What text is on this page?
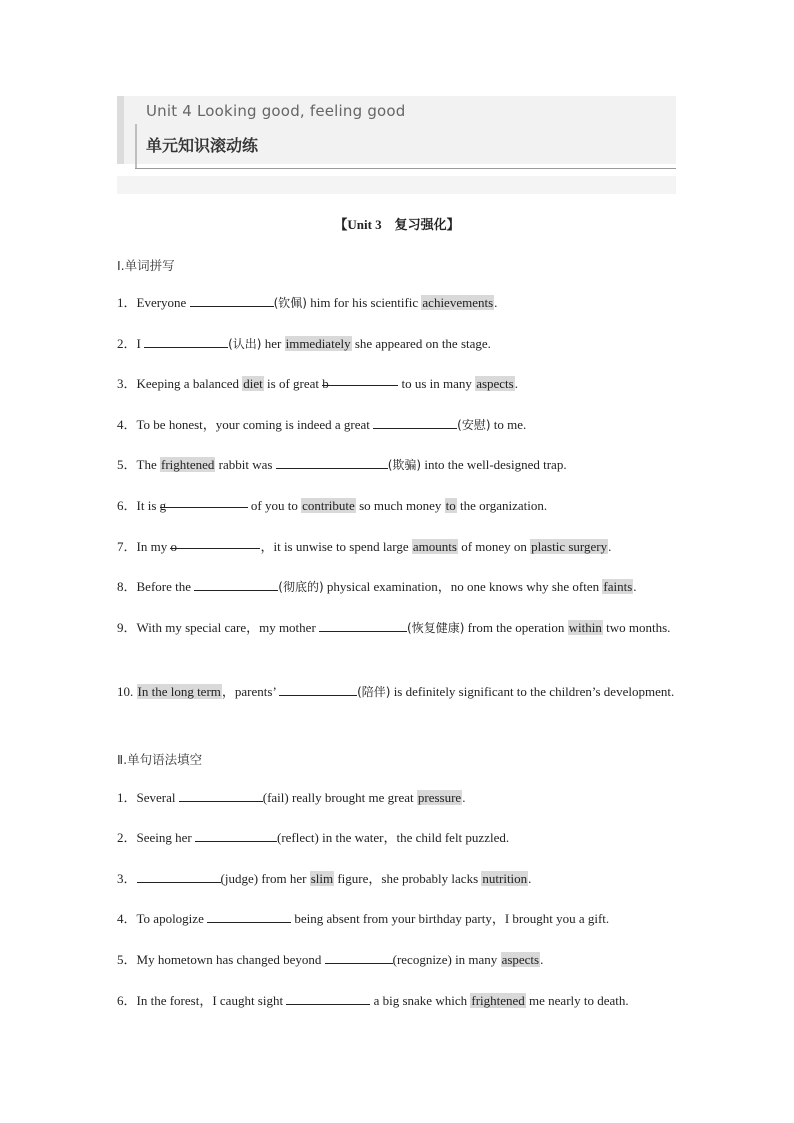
Unit 4 Looking good, feeling good
单元知识滚动练
【Unit 3　复习强化】
Ⅰ.单词拼写
1．Everyone	(钦佩) him for his scientific achievements.
2．I	(认出) her immediately she appeared on the stage.
3．Keeping a balanced diet is of great b	to us in many aspects.
4．To be honest，your coming is indeed a great	(安慰) to me.
5．The frightened rabbit was	(欺骗) into the well-designed trap.
6．It is g	of you to contribute so much money to the organization.
7．In my o	，it is unwise to spend large amounts of money on plastic surgery.
8．Before the	(彻底的) physical examination，no one knows why she often faints.
9．With my special care，my mother	(恢复健康) from the operation within two months.
10. In the long term，parents’	(陪伴) is definitely significant to the children’s development.
Ⅱ.单句语法填空
1．Several	(fail) really brought me great pressure.
2．Seeing her	(reflect) in the water，the child felt puzzled.
3．	(judge) from her slim figure，she probably lacks nutrition.
4．To apologize	being absent from your birthday party，I brought you a gift.
5．My hometown has changed beyond	(recognize) in many aspects.
6．In the forest，I caught sight	a big snake which frightened me nearly to death.
